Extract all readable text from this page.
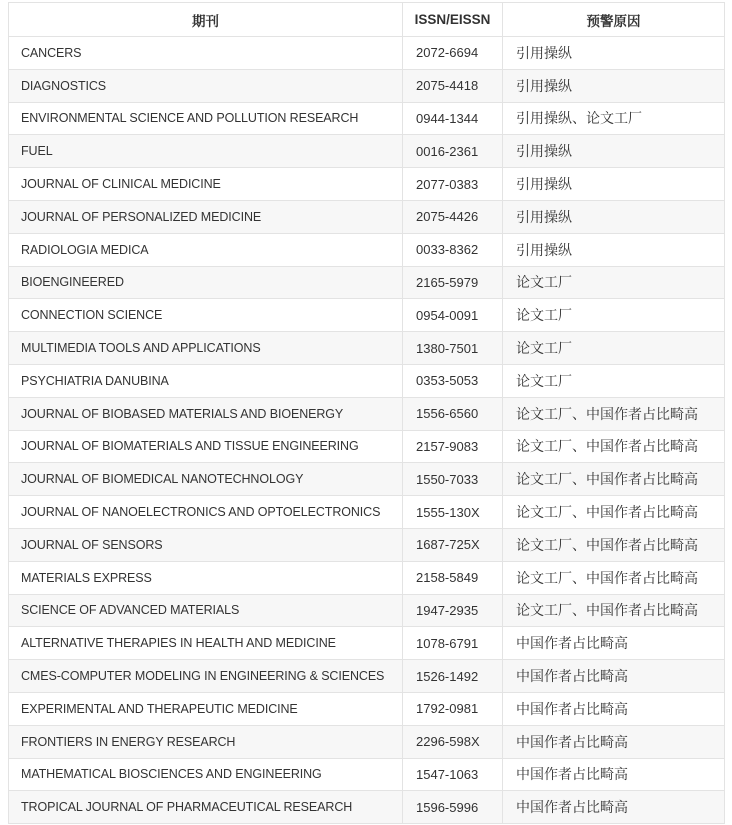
期刊	ISSN/EISSN	预警原因
CANCERS	2072-6694	引用操纵
DIAGNOSTICS	2075-4418	引用操纵
ENVIRONMENTAL SCIENCE AND POLLUTION RESEARCH	0944-1344	引用操纵、论文工厂
FUEL	0016-2361	引用操纵
JOURNAL OF CLINICAL MEDICINE	2077-0383	引用操纵
JOURNAL OF PERSONALIZED MEDICINE	2075-4426	引用操纵
RADIOLOGIA MEDICA	0033-8362	引用操纵
BIOENGINEERED	2165-5979	论文工厂
CONNECTION SCIENCE	0954-0091	论文工厂
MULTIMEDIA TOOLS AND APPLICATIONS	1380-7501	论文工厂
PSYCHIATRIA DANUBINA	0353-5053	论文工厂
JOURNAL OF BIOBASED MATERIALS AND BIOENERGY	1556-6560	论文工厂、中国作者占比畸高
JOURNAL OF BIOMATERIALS AND TISSUE ENGINEERING	2157-9083	论文工厂、中国作者占比畸高
JOURNAL OF BIOMEDICAL NANOTECHNOLOGY	1550-7033	论文工厂、中国作者占比畸高
JOURNAL OF NANOELECTRONICS AND OPTOELECTRONICS	1555-130X	论文工厂、中国作者占比畸高
JOURNAL OF SENSORS	1687-725X	论文工厂、中国作者占比畸高
MATERIALS EXPRESS	2158-5849	论文工厂、中国作者占比畸高
SCIENCE OF ADVANCED MATERIALS	1947-2935	论文工厂、中国作者占比畸高
ALTERNATIVE THERAPIES IN HEALTH AND MEDICINE	1078-6791	中国作者占比畸高
CMES-COMPUTER MODELING IN ENGINEERING & SCIENCES	1526-1492	中国作者占比畸高
EXPERIMENTAL AND THERAPEUTIC MEDICINE	1792-0981	中国作者占比畸高
FRONTIERS IN ENERGY RESEARCH	2296-598X	中国作者占比畸高
MATHEMATICAL BIOSCIENCES AND ENGINEERING	1547-1063	中国作者占比畸高
TROPICAL JOURNAL OF PHARMACEUTICAL RESEARCH	1596-5996	中国作者占比畸高
